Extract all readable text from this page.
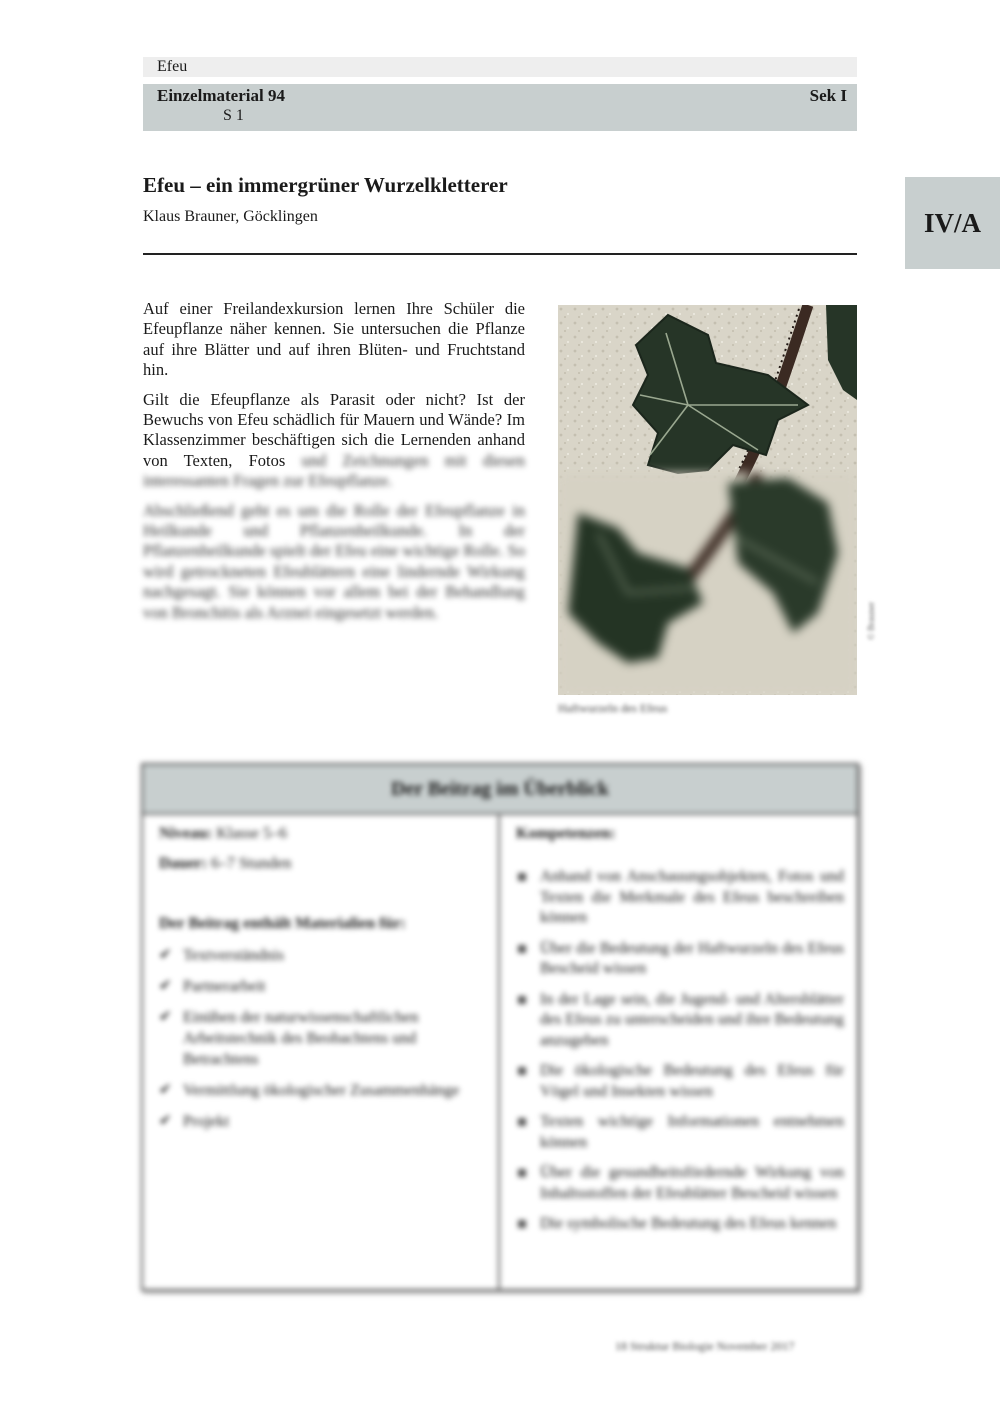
Efeu
Einzelmaterial 94
S 1
Sek I
IV/A
Efeu – ein immergrüner Wurzelkletterer
Klaus Brauner, Göcklingen

Auf einer Freilandexkursion lernen Ihre Schüler die Efeupflanze näher kennen. Sie untersuchen die Pflanze auf ihre Blätter und auf ihren Blüten- und Fruchtstand hin.

Gilt die Efeupflanze als Parasit oder nicht? Ist der Bewuchs von Efeu schädlich für Mauern und Wände? Im Klassenzimmer beschäftigen sich die Lernenden anhand von Texten, Fotos und Zeichnungen mit diesen interessanten Fragen zur Efeupflanze.

Abschließend geht es um die Rolle der Efeupflanze in Heilkunde und Pflanzenheilkunde. In der Pflanzenheilkunde spielt der Efeu eine wichtige Rolle. So wird getrockneten Efeublättern eine lindernde Wirkung nachgesagt. Sie können vor allem bei der Behandlung von Bronchitis als Arznei eingesetzt werden.

Haftwurzeln des Efeus
© Brauner
Der Beitrag im Überblick
Niveau: Klasse 5–6
Dauer: 6–7 Stunden
Der Beitrag enthält Materialien für:
✔ Textverständnis
✔ Partnerarbeit
✔ Einüben der naturwissenschaftlichen Arbeitstechnik des Beobachtens und Betrachtens
✔ Vermittlung ökologischer Zusammenhänge
✔ Projekt
Kompetenzen:
Anhand von Anschauungsobjekten, Fotos und Texten die Merkmale des Efeus beschreiben können
Über die Bedeutung der Haftwurzeln des Efeus Bescheid wissen
In der Lage sein, die Jugend- und Altersblätter des Efeus zu unterscheiden und ihre Bedeutung anzugeben
Die ökologische Bedeutung des Efeus für Vögel und Insekten wissen
Texten wichtige Informationen entnehmen können
Über die gesundheitsfördernde Wirkung von Inhaltsstoffen der Efeublätter Bescheid wissen
Die symbolische Bedeutung des Efeus kennen
18 Struktur Biologie November 2017
